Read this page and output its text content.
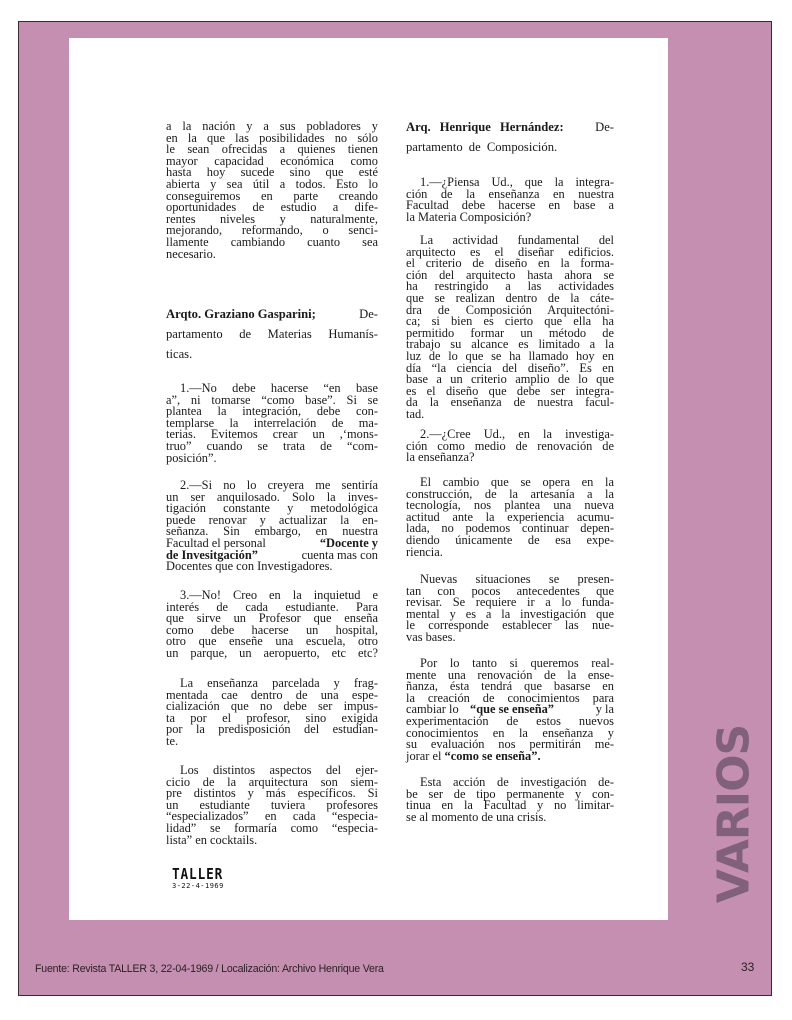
a la nación y a sus pobladores y
en la que las posibilidades no sólo
le sean ofrecidas a quienes tienen
mayor capacidad económica como
hasta hoy sucede sino que esté
abierta y sea útil a todos. Esto lo
conseguiremos en parte creando
oportunidades de estudio a dife-
rentes niveles y naturalmente,
mejorando, reformando, o senci-
llamente cambiando cuanto sea
necesario.
Arqto. Graziano Gasparini;	De-
partamento de Materias Humanís-
ticas.
1.—No debe hacerse “en base
a”, ni tomarse “como base”. Si se
plantea la integración, debe con-
templarse la interrelación de ma-
terias. Evitemos crear un ,‘mons-
truo” cuando se trata de “com-
posición”.
2.—Si no lo creyera me sentiría
un ser anquilosado. Solo la inves-
tigación constante y metodológica
puede renovar y actualizar la en-
señanza. Sin embargo, en nuestra
Facultad el personal	“Docente y
de Invesitgación”	cuenta mas con
Docentes que con Investigadores.
3.—No! Creo en la inquietud e
interés de cada estudiante. Para
que sirve un Profesor que enseña
como debe hacerse un hospital,
otro que enseñe una escuela, otro
un parque, un aeropuerto, etc etc?
La enseñanza parcelada y frag-
mentada cae dentro de una espe-
cialización que no debe ser impus-
ta por el profesor, sino exigida
por la predisposición del estudian-
te.
Los distintos aspectos del ejer-
cicio de la arquitectura son siem-
pre distintos y más específicos. Si
un estudiante tuviera profesores
“especializados” en cada “especia-
lidad” se formaría como “especia-
lista” en cocktails.
TALLER
3-22-4-1969
Arq. Henrique Hernández: De-
partamento de Composición.
1.—¿Piensa Ud., que la integra-
ción de la enseñanza en nuestra
Facultad debe hacerse en base a
la Materia Composición?
La actividad fundamental del
arquitecto es el diseñar edificios.
el criterio de diseño en la forma-
ción del arquitecto hasta ahora se
ha restringido a las actividades
que se realizan dentro de la cáte-
dra de Composición Arquitectóni-
ca; si bien es cierto que ella ha
permitido formar un método de
trabajo su alcance es limitado a la
luz de lo que se ha llamado hoy en
día “la ciencia del diseño”. Es en
base a un criterio amplio de lo que
es el diseño que debe ser integra-
da la enseñanza de nuestra facul-
tad.
2.—¿Cree Ud., en la investiga-
ción como medio de renovación de
la enseñanza?
El cambio que se opera en la
construcción, de la artesanía a la
tecnología, nos plantea una nueva
actitud ante la experiencia acumu-
lada, no podemos continuar depen-
diendo únicamente de esa expe-
riencia.
Nuevas situaciones se presen-
tan con pocos antecedentes que
revisar. Se requiere ir a lo funda-
mental y es a la investigación que
le corresponde establecer las nue-
vas bases.
Por lo tanto si queremos real-
mente una renovación de la ense-
ñanza, ésta tendrá que basarse en
la creación de conocimientos para
cambiar lo “que se enseña”	y la
experimentación de estos nuevos
conocimientos en la enseñanza y
su evaluación nos permitirán me-
jorar el “como se enseña”.
Esta acción de investigación de-
be ser de tipo permanente y con-
tinua en la Facultad y no limitar-
se al momento de una crisis.	VARIOS
Fuente: Revista TALLER 3, 22-04-1969 / Localización: Archivo Henrique Vera	33
